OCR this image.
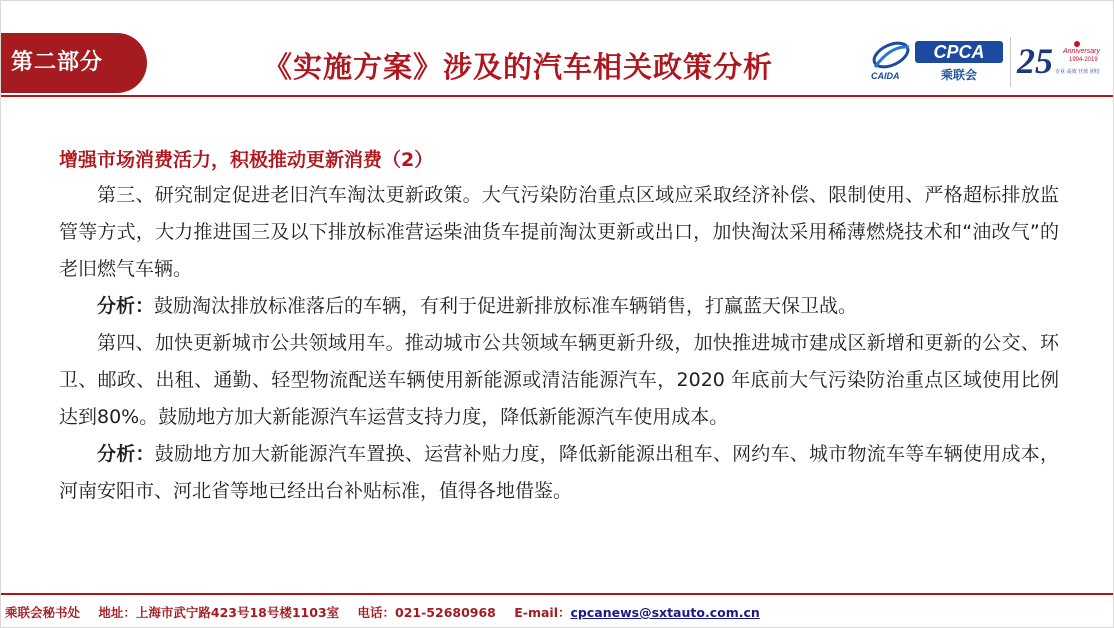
第二部分	《实施方案》涉及的汽车相关政策分析	CAIDA
CPCA
乘联会 25 Anniversary
1994-2019
专业 高效 开放 团结

增强市场消费活力，积极推动更新消费（2）

第三、研究制定促进老旧汽车淘汰更新政策。大气污染防治重点区域应采取经济补偿、限制使用、严格超标排放监管等方式，大力推进国三及以下排放标准营运柴油货车提前淘汰更新或出口，加快淘汰采用稀薄燃烧技术和“油改气”的老旧燃气车辆。

分析：鼓励淘汰排放标准落后的车辆，有利于促进新排放标准车辆销售，打赢蓝天保卫战。

第四、加快更新城市公共领域用车。推动城市公共领域车辆更新升级，加快推进城市建成区新增和更新的公交、环卫、邮政、出租、通勤、轻型物流配送车辆使用新能源或清洁能源汽车，2020 年底前大气污染防治重点区域使用比例达到80%。鼓励地方加大新能源汽车运营支持力度，降低新能源汽车使用成本。

分析：鼓励地方加大新能源汽车置换、运营补贴力度，降低新能源出租车、网约车、城市物流车等车辆使用成本，河南安阳市、河北省等地已经出台补贴标准，值得各地借鉴。

乘联会秘书处 地址：上海市武宁路423号18号楼1103室 电话：021-52680968 E-mail：cpcanews@sxtauto.com.cn
